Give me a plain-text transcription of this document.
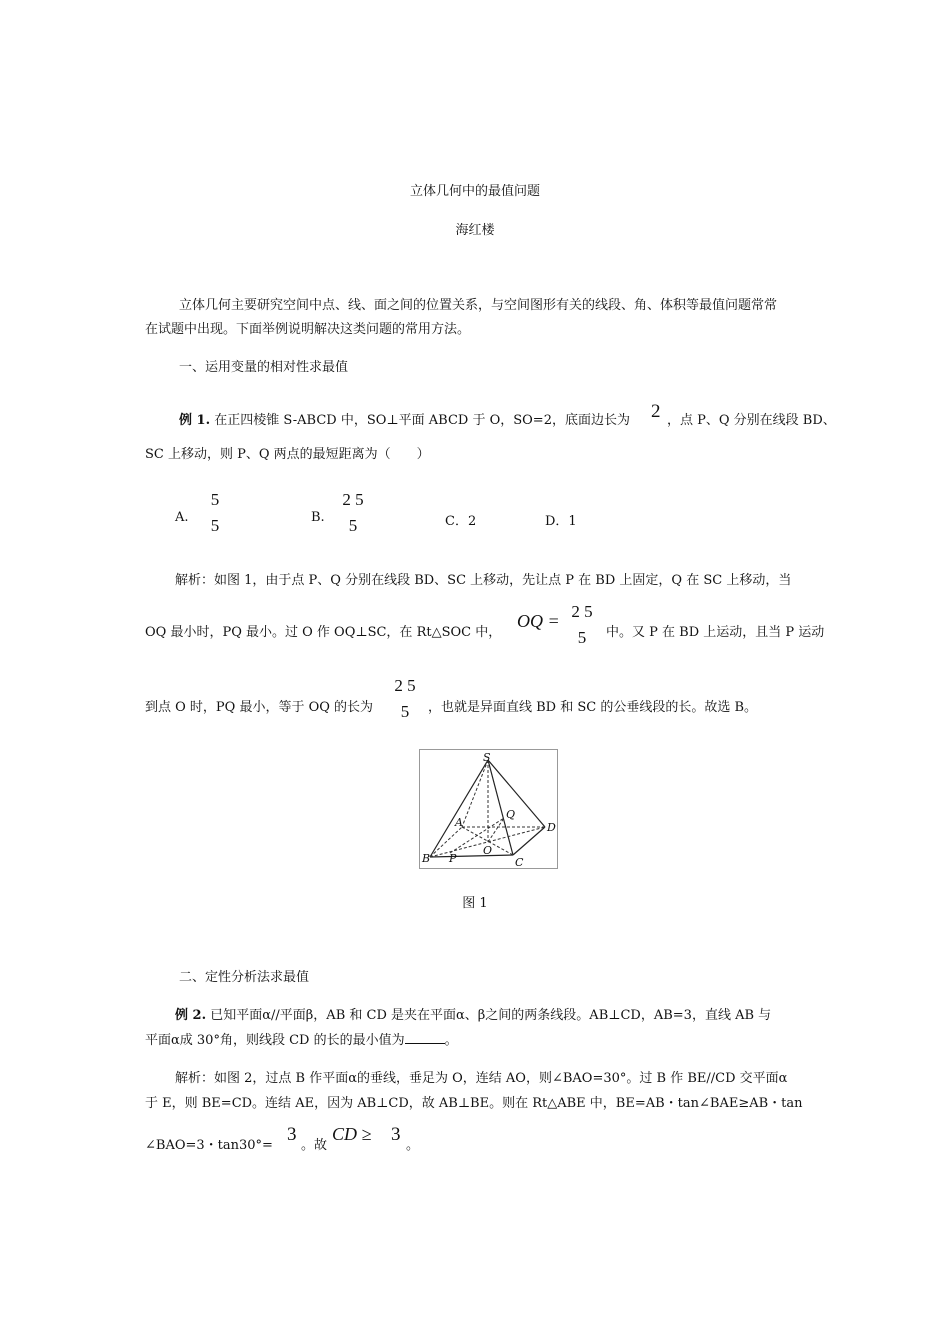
立体几何中的最值问题
海红楼
立体几何主要研究空间中点、线、面之间的位置关系，与空间图形有关的线段、角、体积等最值问题常常
在试题中出现。下面举例说明解决这类问题的常用方法。
一、运用变量的相对性求最值
例 1. 在正四棱锥 S-ABCD 中，SO⊥平面 ABCD 于 O，SO=2，底面边长为 2 ，点 P、Q 分别在线段 BD、
SC 上移动，则 P、Q 两点的最短距离为（　　）
A.
5
5	B.
2 5
5	C．2	D．1
解析：如图 1，由于点 P、Q 分别在线段 BD、SC 上移动，先让点 P 在 BD 上固定，Q 在 SC 上移动，当
OQ 最小时，PQ 最小。过 O 作 OQ⊥SC，在 Rt△SOC 中，
OQ = 2 5
5	中。又 P 在 BD 上运动，且当 P 运动
到点 O 时，PQ 最小，等于 OQ 的长为
2 5
5	，也就是异面直线 BD 和 SC 的公垂线段的长。故选 B。
S
A
Q
D
O
C
B P
图 1
二、定性分析法求最值
例 2. 已知平面α//平面β，AB 和 CD 是夹在平面α、β之间的两条线段。AB⊥CD，AB=3，直线 AB 与
平面α成 30°角，则线段 CD 的长的最小值为	。
解析：如图 2，过点 B 作平面α的垂线，垂足为 O，连结 AO，则∠BAO=30°。过 B 作 BE//CD 交平面α
于 E，则 BE=CD。连结 AE，因为 AB⊥CD，故 AB⊥BE。则在 Rt△ABE 中，BE=AB・tan∠BAE≥AB・tan
∠BAO=3・tan30°=
3
。故
CD ≥ 3
。
